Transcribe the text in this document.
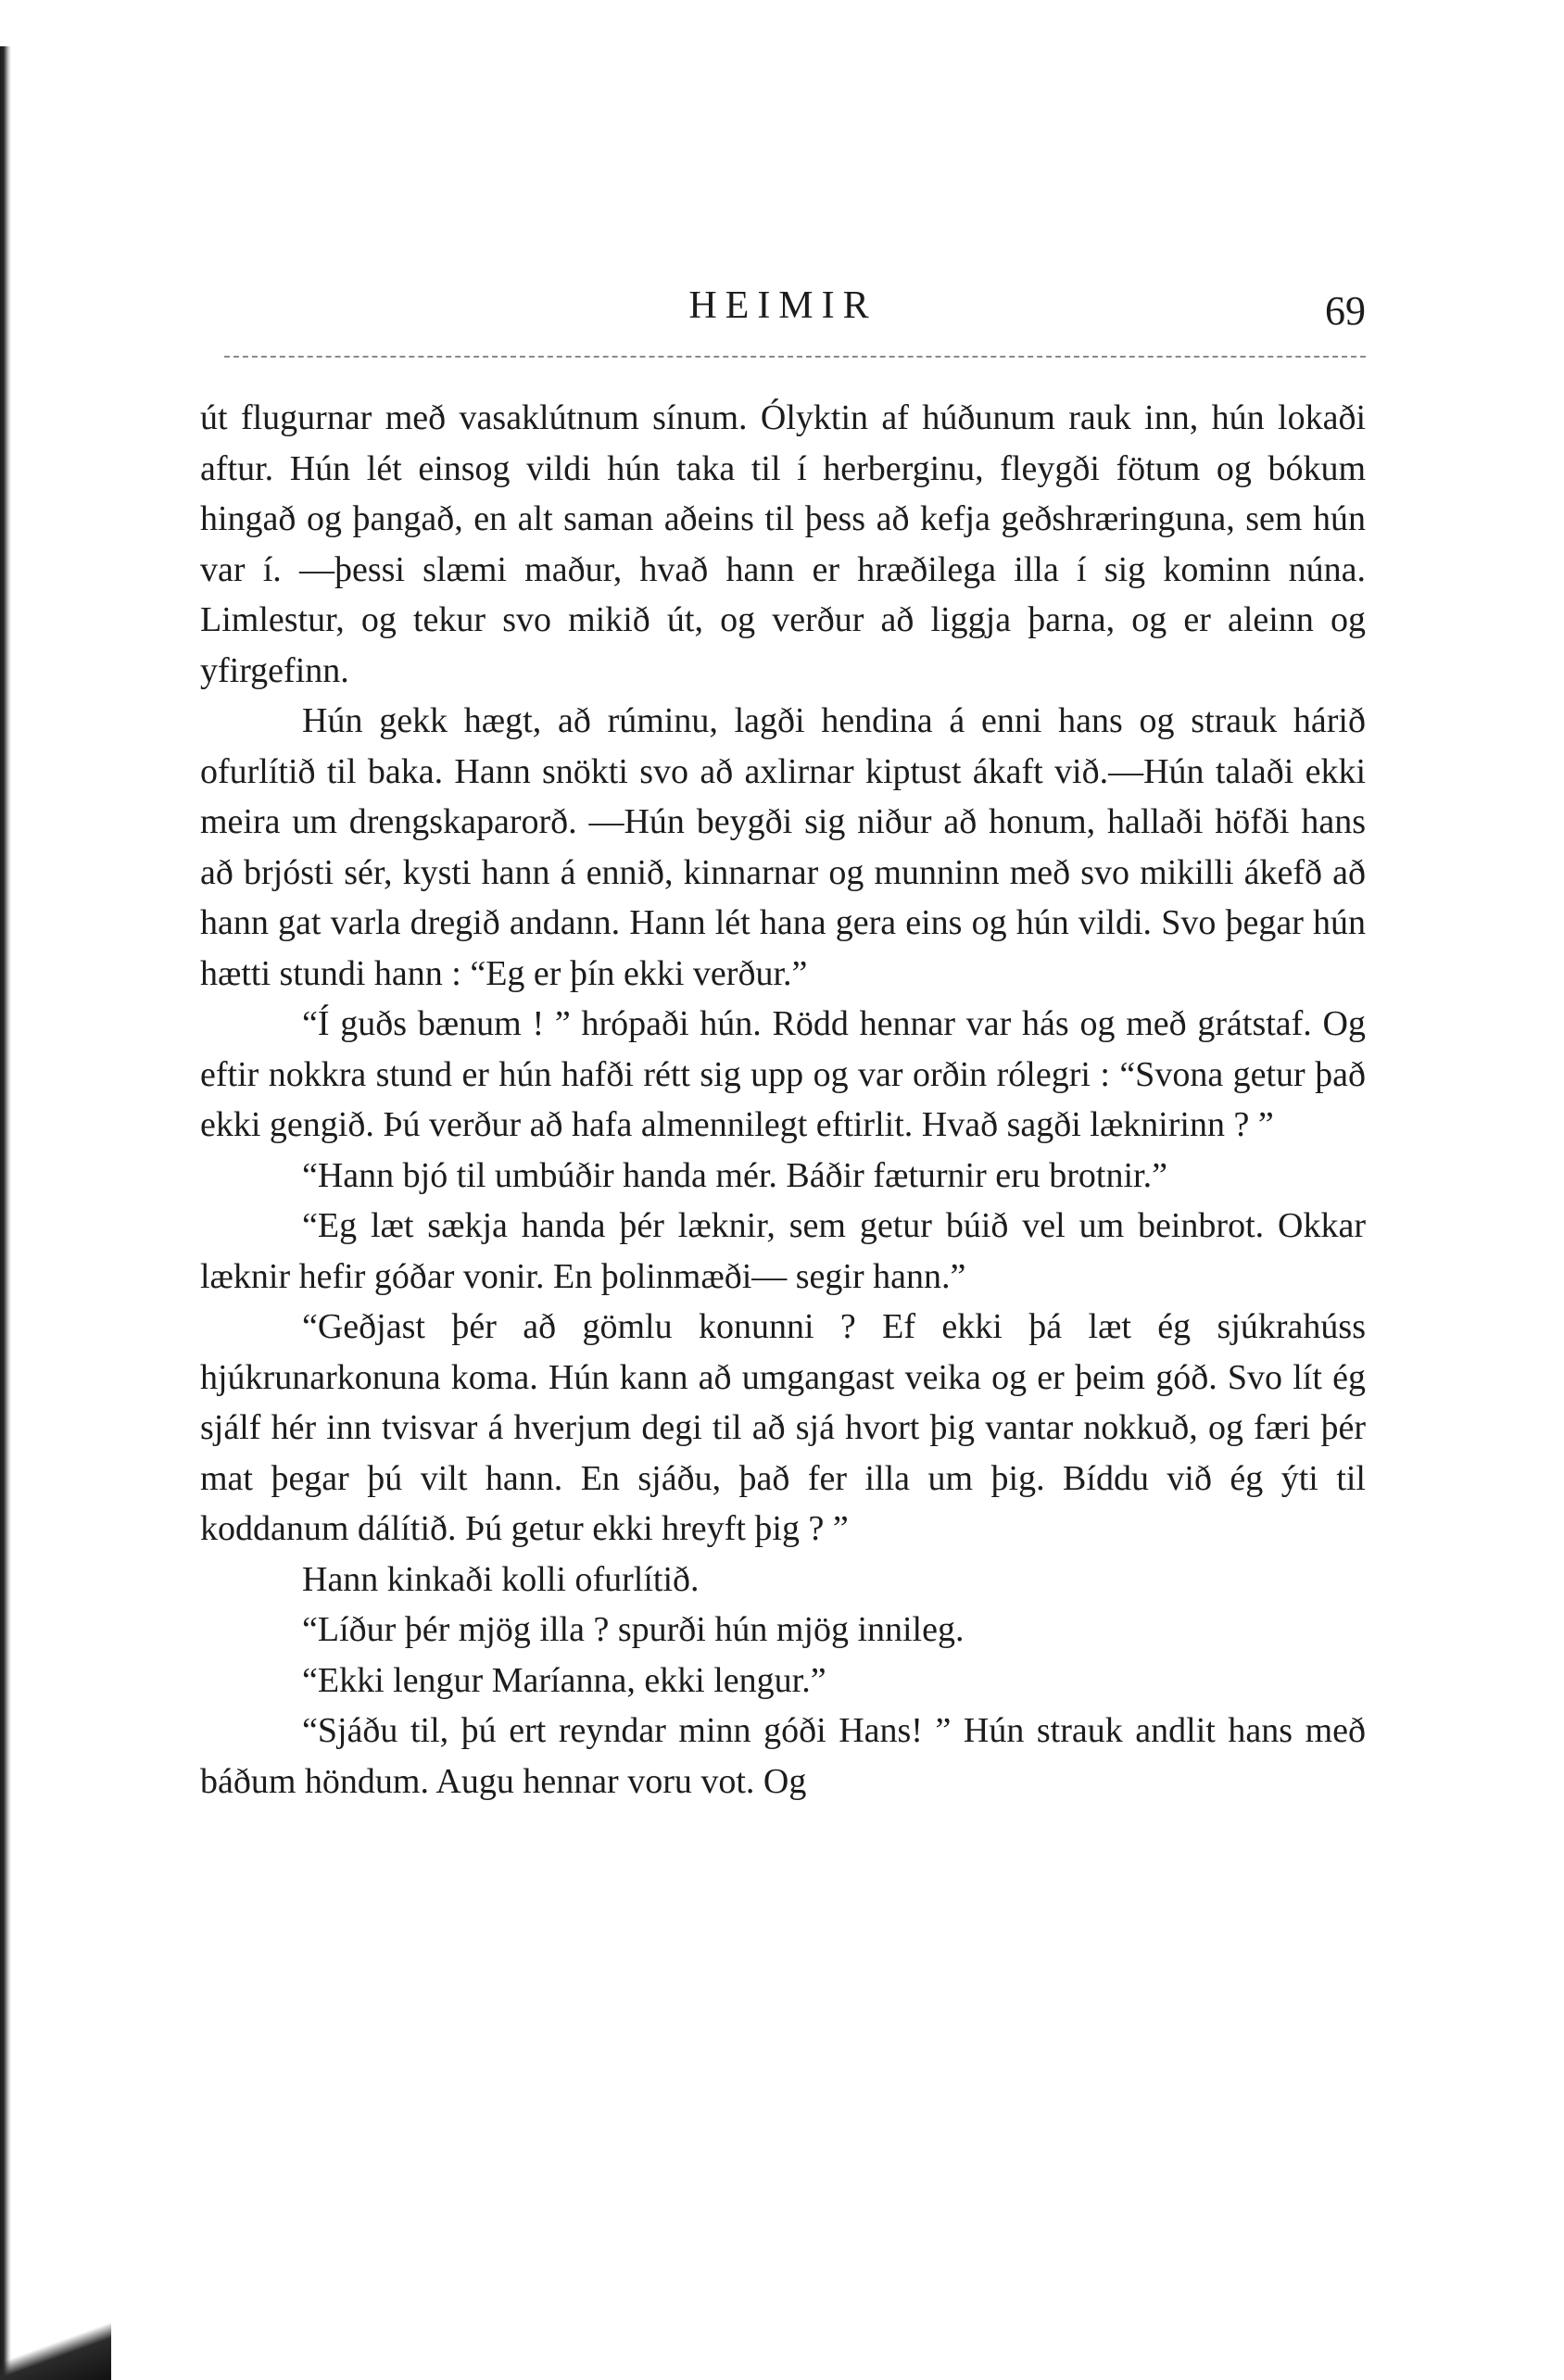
HEIMIR	69

út flugurnar með vasaklútnum sínum. Ólyktin af húðunum rauk inn, hún lokaði aftur. Hún lét einsog vildi hún taka til í herberginu, fleygði fötum og bókum hingað og þangað, en alt saman aðeins til þess að kefja geðshræringuna, sem hún var í. —þessi slæmi maður, hvað hann er hræðilega illa í sig kominn núna. Limlestur, og tekur svo mikið út, og verður að liggja þarna, og er aleinn og yfirgefinn.

Hún gekk hægt, að rúminu, lagði hendina á enni hans og strauk hárið ofurlítið til baka. Hann snökti svo að axlirnar kiptust ákaft við.—Hún talaði ekki meira um drengskaparorð. —Hún beygði sig niður að honum, hallaði höfði hans að brjósti sér, kysti hann á ennið, kinnarnar og munninn með svo mikilli ákefð að hann gat varla dregið andann. Hann lét hana gera eins og hún vildi. Svo þegar hún hætti stundi hann : “Eg er þín ekki verður.”

“Í guðs bænum ! ” hrópaði hún. Rödd hennar var hás og með grátstaf. Og eftir nokkra stund er hún hafði rétt sig upp og var orðin rólegri : “Svona getur það ekki gengið. Þú verður að hafa almennilegt eftirlit. Hvað sagði læknirinn ? ”

“Hann bjó til umbúðir handa mér. Báðir fæturnir eru brotnir.”

“Eg læt sækja handa þér læknir, sem getur búið vel um beinbrot. Okkar læknir hefir góðar vonir. En þolinmæði— segir hann.”

“Geðjast þér að gömlu konunni ? Ef ekki þá læt ég sjúkrahúss hjúkrunarkonuna koma. Hún kann að umgangast veika og er þeim góð. Svo lít ég sjálf hér inn tvisvar á hverjum degi til að sjá hvort þig vantar nokkuð, og færi þér mat þegar þú vilt hann. En sjáðu, það fer illa um þig. Bíddu við ég ýti til koddanum dálítið. Þú getur ekki hreyft þig ? ”

Hann kinkaði kolli ofurlítið.

“Líður þér mjög illa ? spurði hún mjög innileg.

“Ekki lengur Maríanna, ekki lengur.”

“Sjáðu til, þú ert reyndar minn góði Hans! ” Hún strauk andlit hans með báðum höndum. Augu hennar voru vot. Og
